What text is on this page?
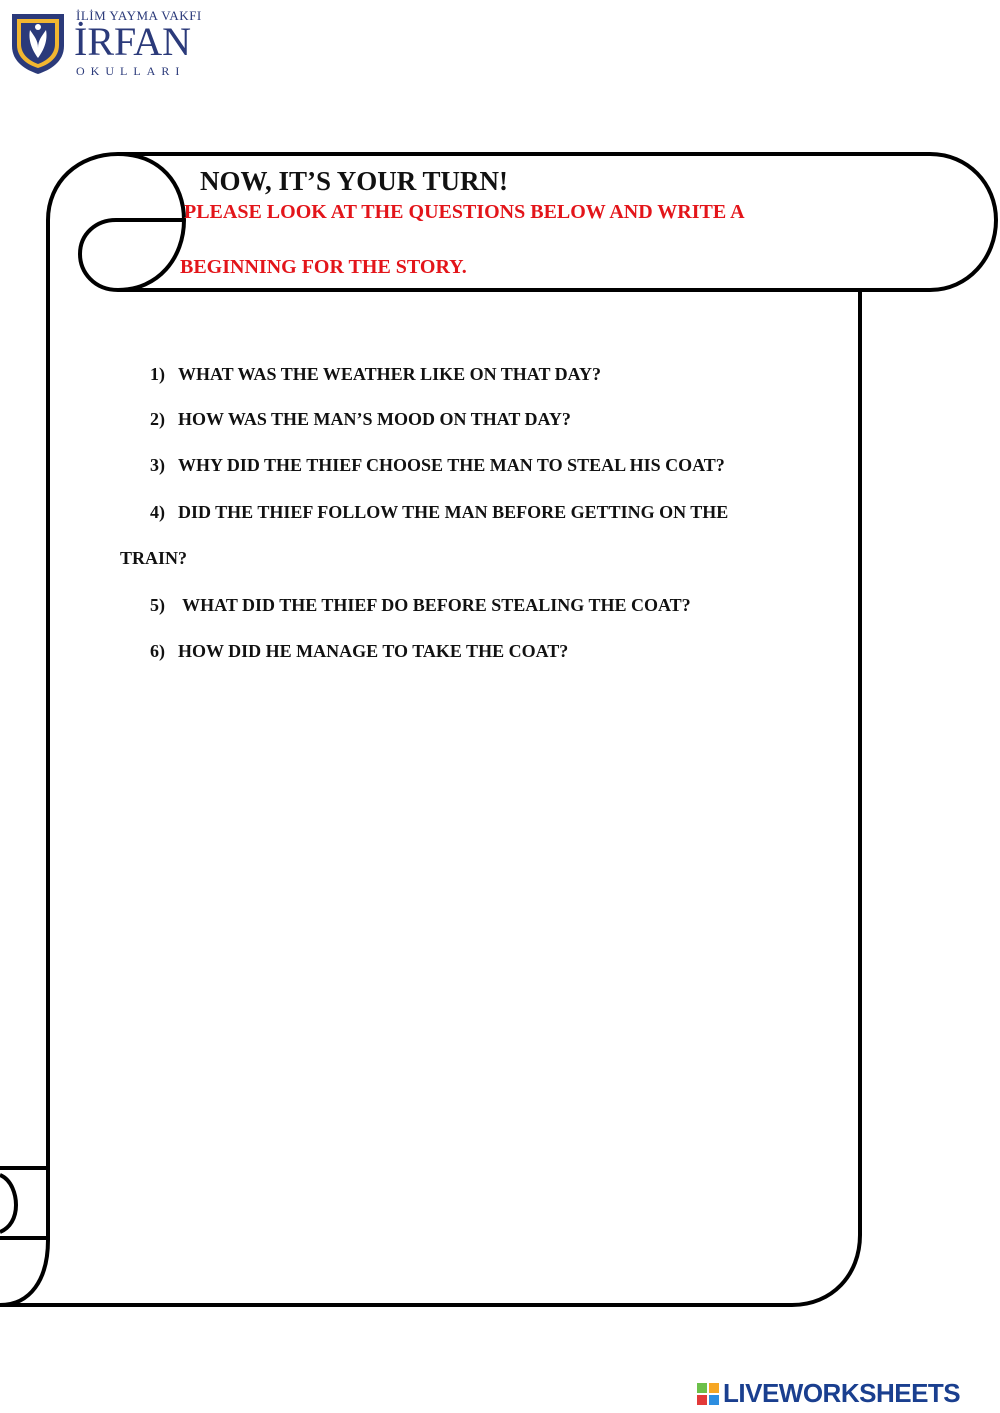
İLİM YAYMA VAKFI
İRFAN
OKULLARI
NOW, IT’S YOUR TURN!
PLEASE LOOK AT THE QUESTIONS BELOW AND WRITE A
BEGINNING FOR THE STORY.
1) WHAT WAS THE WEATHER LIKE ON THAT DAY?
2) HOW WAS THE MAN’S MOOD ON THAT DAY?
3) WHY DID THE THIEF CHOOSE THE MAN TO STEAL HIS COAT?
4) DID THE THIEF FOLLOW THE MAN BEFORE GETTING ON THE
TRAIN?
5) WHAT DID THE THIEF DO BEFORE STEALING THE COAT?
6) HOW DID HE MANAGE TO TAKE THE COAT?
LIVEWORKSHEETS
